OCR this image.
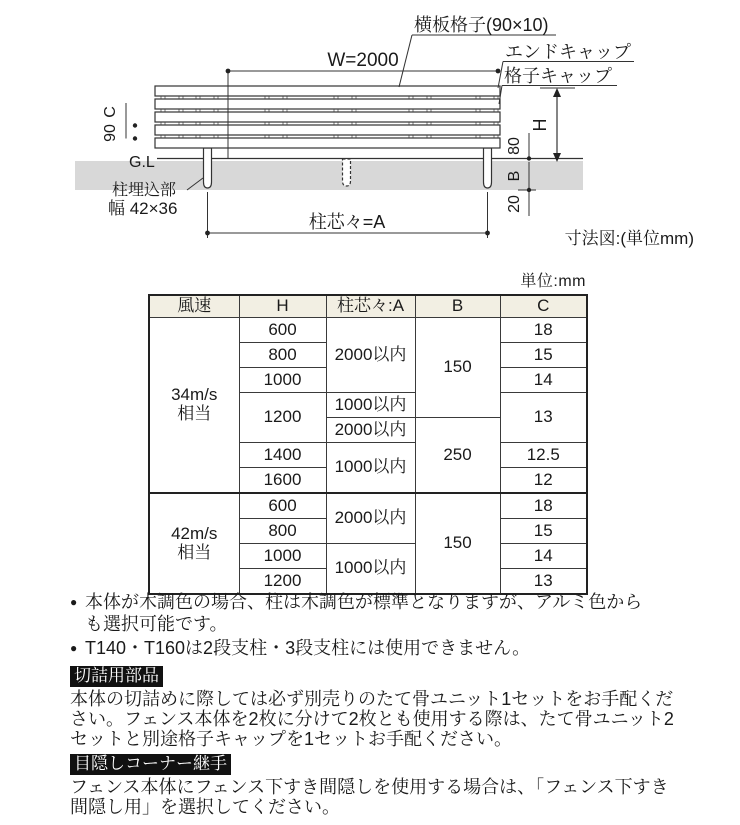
W=2000
横板格子(90×10)
エンドキャップ
格子キャップ
C
90
G.L
柱埋込部
幅 42×36
80
B
20
H
柱芯々=A
寸法図:(単位mm)
単位:mm
風速	H	柱芯々:A	B	C

34m/s
相当	600	2000以内	150	18
	800			15
	1000			14
	1200	1000以内		13
		2000以内	250	
	1400	1000以内		12.5
	1600			12

42m/s
相当	600	2000以内	150	18
	800			15
	1000	1000以内		14
	1200			13
● 本体が木調色の場合、柱は木調色が標準となりますが、アルミ色からも選択可能です。
● T140・T160は2段支柱・3段支柱には使用できません。
切詰用部品
本体の切詰めに際しては必ず別売りのたて骨ユニット1セットをお手配ください。フェンス本体を2枚に分けて2枚とも使用する際は、たて骨ユニット2セットと別途格子キャップを1セットお手配ください。
目隠しコーナー継手
フェンス本体にフェンス下すき間隠しを使用する場合は、「フェンス下すき間隠し用」を選択してください。
